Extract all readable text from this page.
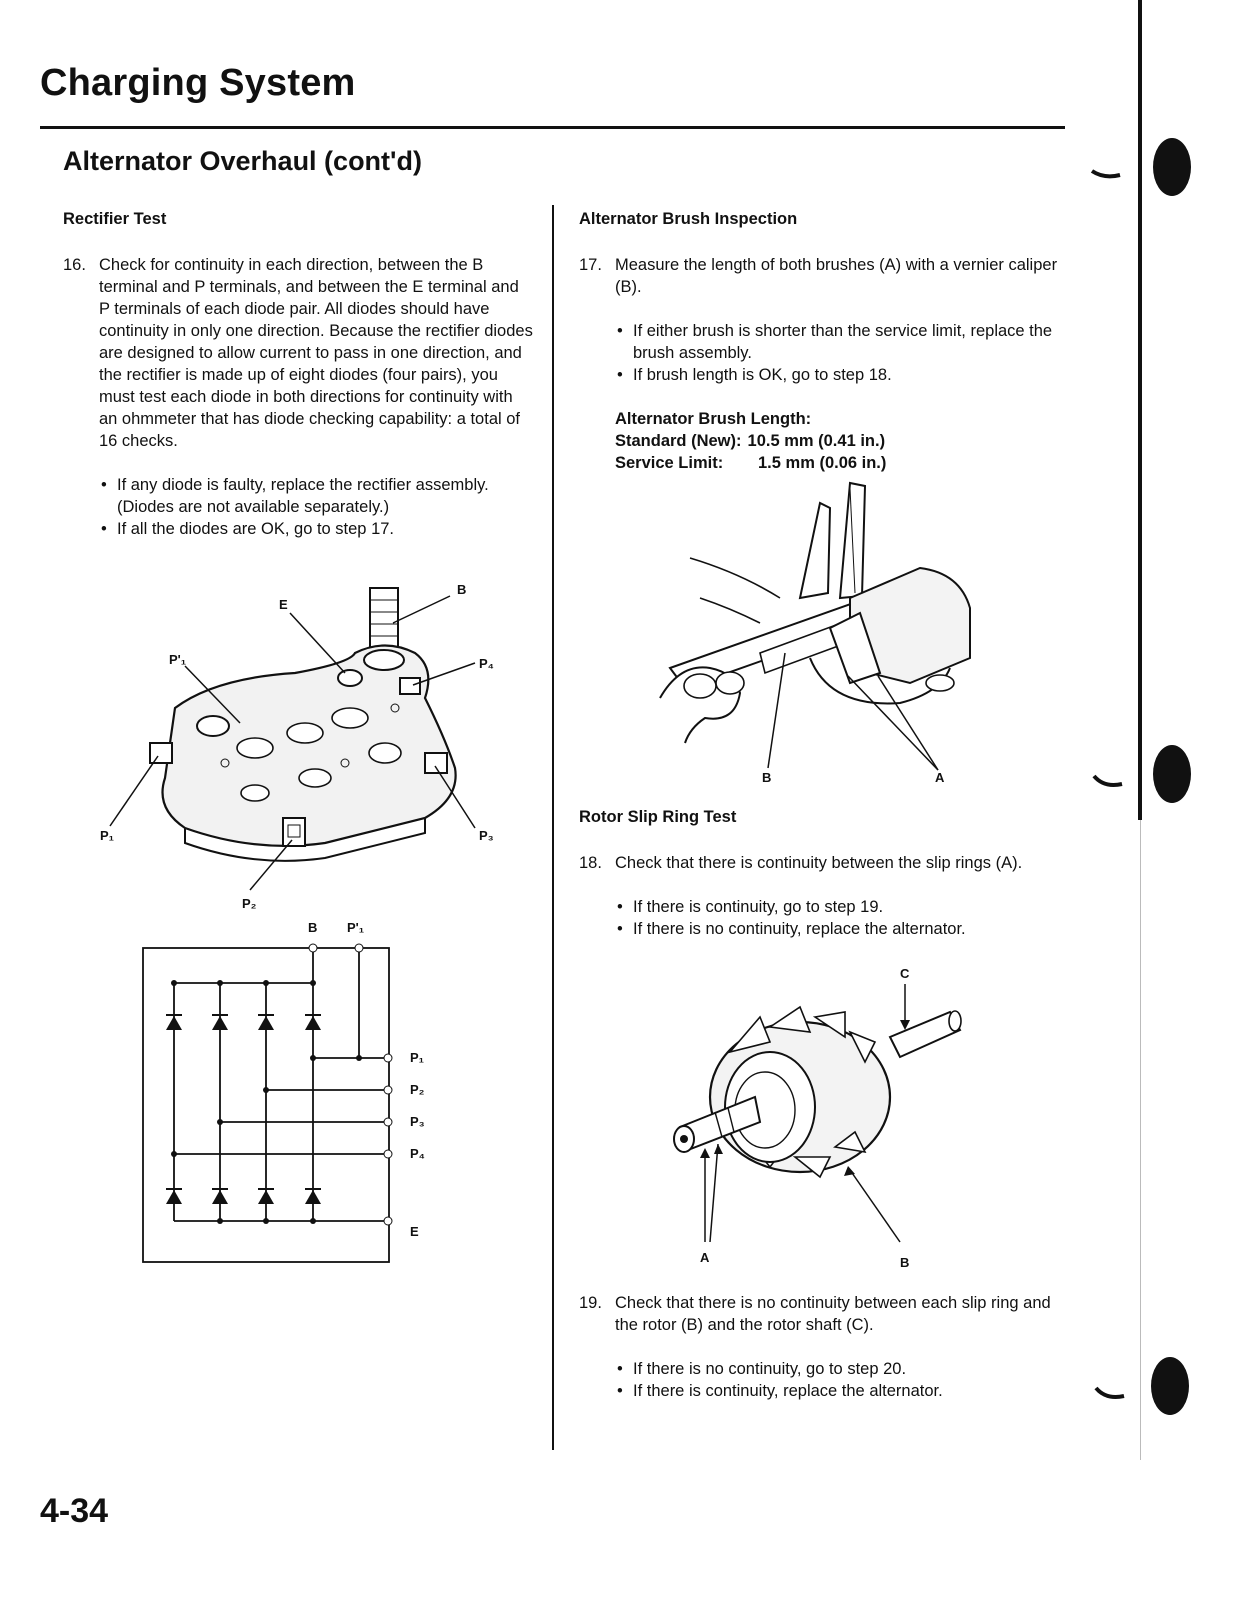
Charging System
Alternator Overhaul (cont'd)
Rectifier Test
16. Check for continuity in each direction, between the B terminal and P terminals, and between the E terminal and P terminals of each diode pair. All diodes should have continuity in only one direction. Because the rectifier diodes are designed to allow current to pass in one direction, and the rectifier is made up of eight diodes (four pairs), you must test each diode in both directions for continuity with an ohmmeter that has diode checking capability: a total of 16 checks.
• If any diode is faulty, replace the rectifier assembly. (Diodes are not available separately.)
• If all the diodes are OK, go to step 17.
B
E
P'₁	P₄
P₁	P₃
P₂
B P'₁
P₁
P₂
P₃
P₄
E
Alternator Brush Inspection
17. Measure the length of both brushes (A) with a vernier caliper (B).
• If either brush is shorter than the service limit, replace the brush assembly.
• If brush length is OK, go to step 18.
Alternator Brush Length:
Standard (New): 10.5 mm (0.41 in.)
Service Limit:	1.5 mm (0.06 in.)
B	A
Rotor Slip Ring Test
18. Check that there is continuity between the slip rings (A).
• If there is continuity, go to step 19.
• If there is no continuity, replace the alternator.
C
A	B
19. Check that there is no continuity between each slip ring and the rotor (B) and the rotor shaft (C).
• If there is no continuity, go to step 20.
• If there is continuity, replace the alternator.
4-34
